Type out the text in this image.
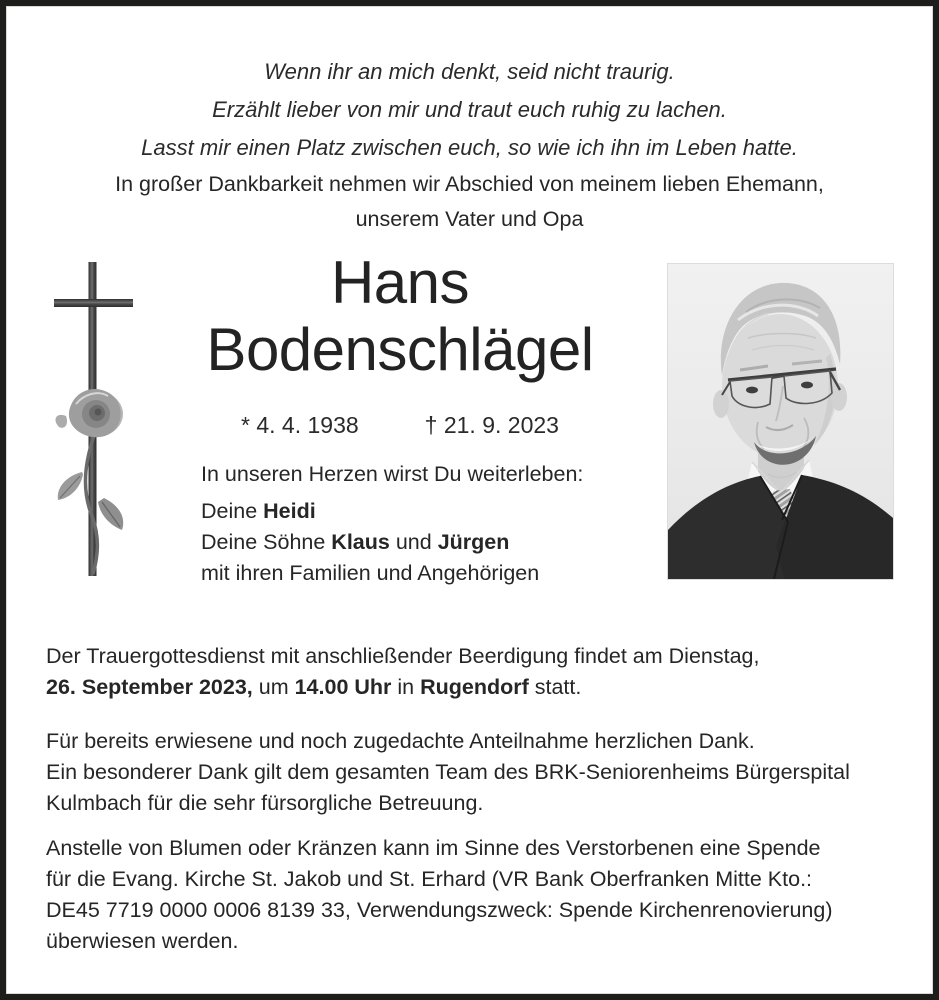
Wenn ihr an mich denkt, seid nicht traurig.
Erzählt lieber von mir und traut euch ruhig zu lachen.
Lasst mir einen Platz zwischen euch, so wie ich ihn im Leben hatte.
In großer Dankbarkeit nehmen wir Abschied von meinem lieben Ehemann,
unserem Vater und Opa
Hans
Bodenschlägel
* 4. 4. 1938	† 21. 9. 2023
In unseren Herzen wirst Du weiterleben:
Deine Heidi
Deine Söhne Klaus und Jürgen
mit ihren Familien und Angehörigen
Der Trauergottesdienst mit anschließender Beerdigung findet am Dienstag,
26. September 2023, um 14.00 Uhr in Rugendorf statt.
Für bereits erwiesene und noch zugedachte Anteilnahme herzlichen Dank.
Ein besonderer Dank gilt dem gesamten Team des BRK-Seniorenheims Bürgerspital
Kulmbach für die sehr fürsorgliche Betreuung.
Anstelle von Blumen oder Kränzen kann im Sinne des Verstorbenen eine Spende
für die Evang. Kirche St. Jakob und St. Erhard (VR Bank Oberfranken Mitte Kto.:
DE45 7719 0000 0006 8139 33, Verwendungszweck: Spende Kirchenrenovierung)
überwiesen werden.
